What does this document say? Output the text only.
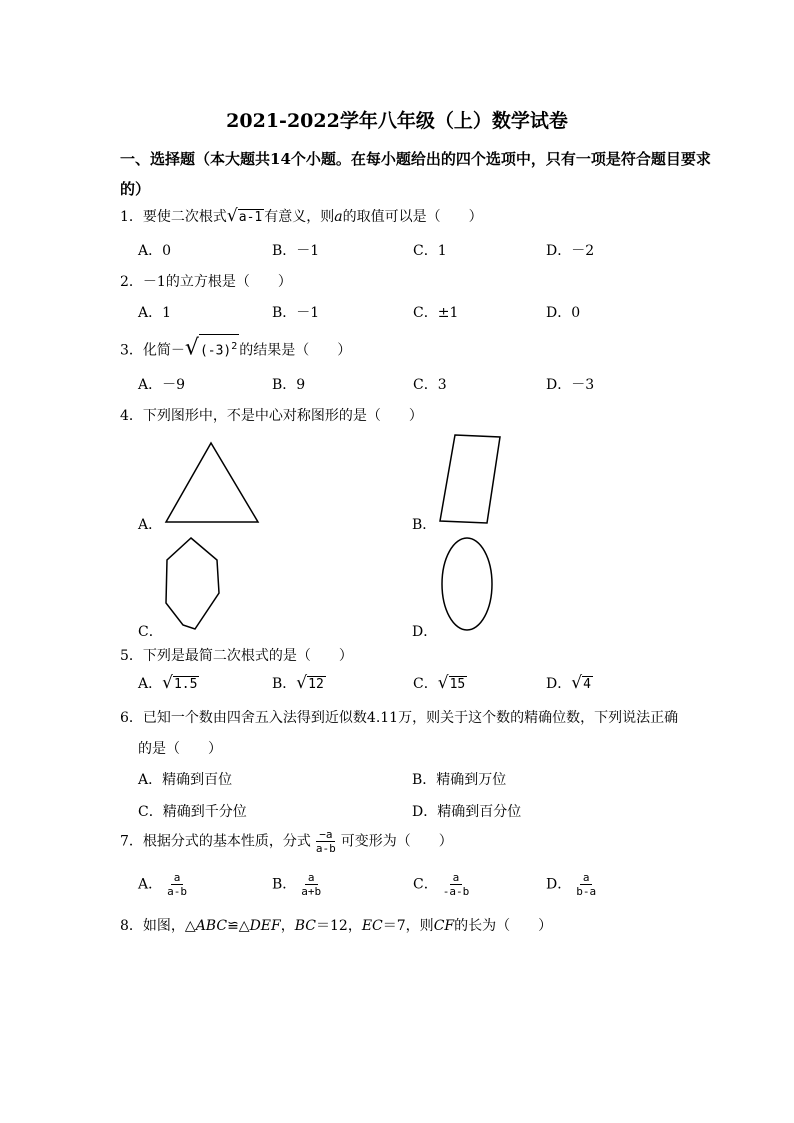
2021-2022学年八年级（上）数学试卷
一、选择题（本大题共14个小题。在每小题给出的四个选项中，只有一项是符合题目要求
的）
1．要使二次根式√a-1 有意义，则a的取值可以是（　　）
A．0	B．－1	C．1	D．－2
2．－1的立方根是（　　）
A．1	B．－1	C．±1	D．0
3．化简$-√(-3)^2$ 的结果是（　　）
A．－9	B．9	C．3	D．－3
4．下列图形中，不是中心对称图形的是（　　）
A．	B．
C．	D．
5．下列是最简二次根式的是（　　）
A．√1.5	B．√12	C．√15	D．√4
6．已知一个数由四舍五入法得到近似数4.11万，则关于这个数的精确位数，下列说法正确
的是（　　）
A．精确到百位	B．精确到万位
C．精确到千分位	D．精确到百分位
7．根据分式的基本性质，分式 $\frac{-a}{a-b}$ 可变形为（　　）
A． $\frac{a}{a-b}$	B． $\frac{a}{a+b}$	C． $\frac{a}{-a-b}$	D． $\frac{a}{b-a}$
8．如图，△ABC≌△DEF，BC＝12，EC＝7，则CF的长为（　　）
